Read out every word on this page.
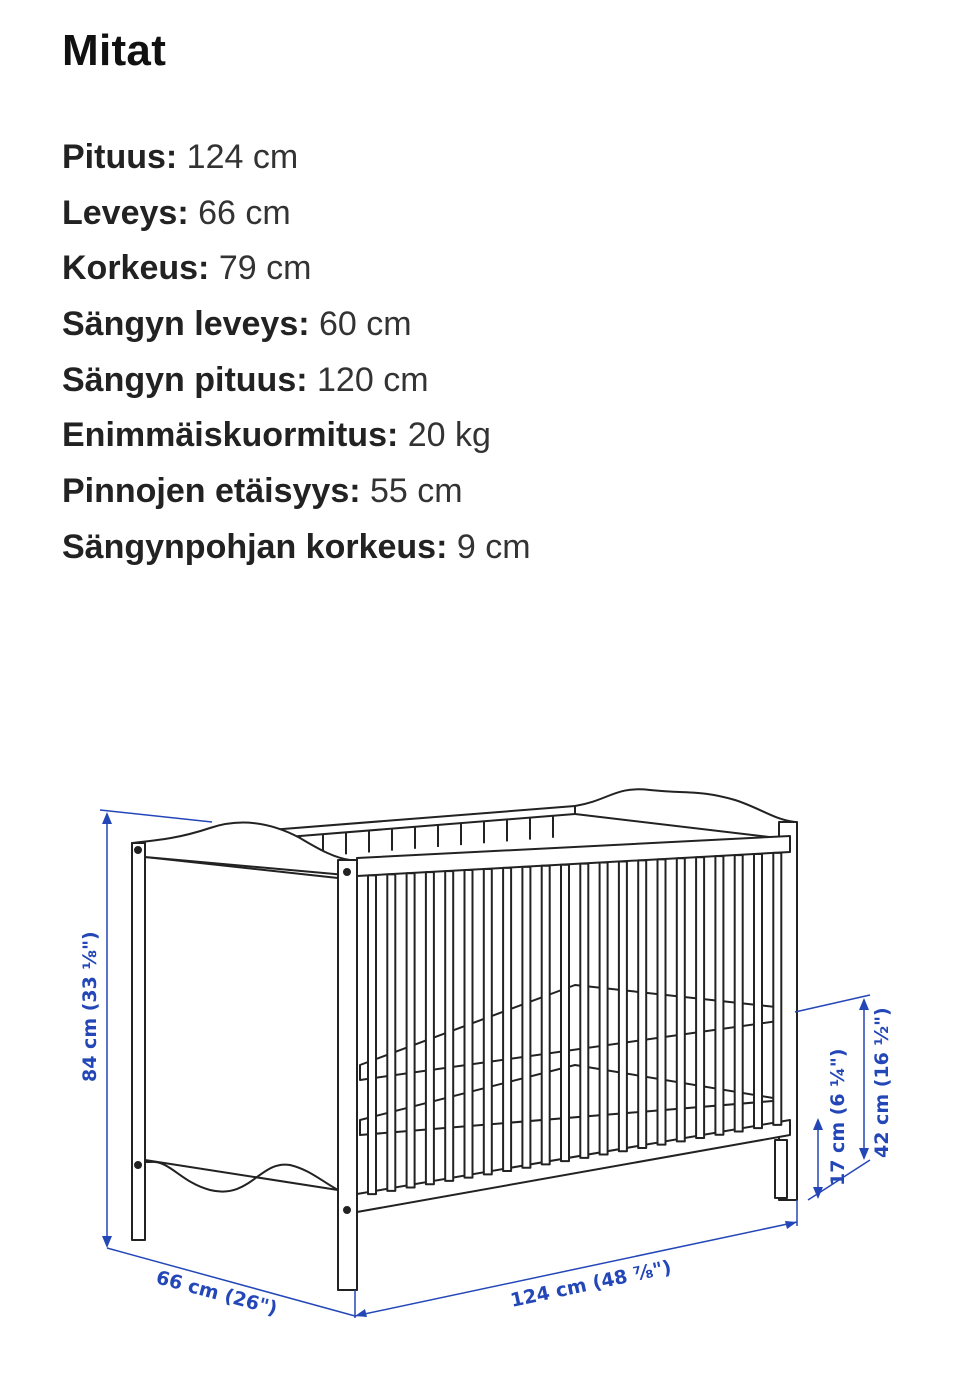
Mitat
Pituus: 124 cm
Leveys: 66 cm
Korkeus: 79 cm
Sängyn leveys: 60 cm
Sängyn pituus: 120 cm
Enimmäiskuormitus: 20 kg
Pinnojen etäisyys: 55 cm
Sängynpohjan korkeus: 9 cm
84 cm (33 ⅛")
66 cm (26")	124 cm (48 ⅞")
17 cm (6 ¼") 42 cm (16 ½")
